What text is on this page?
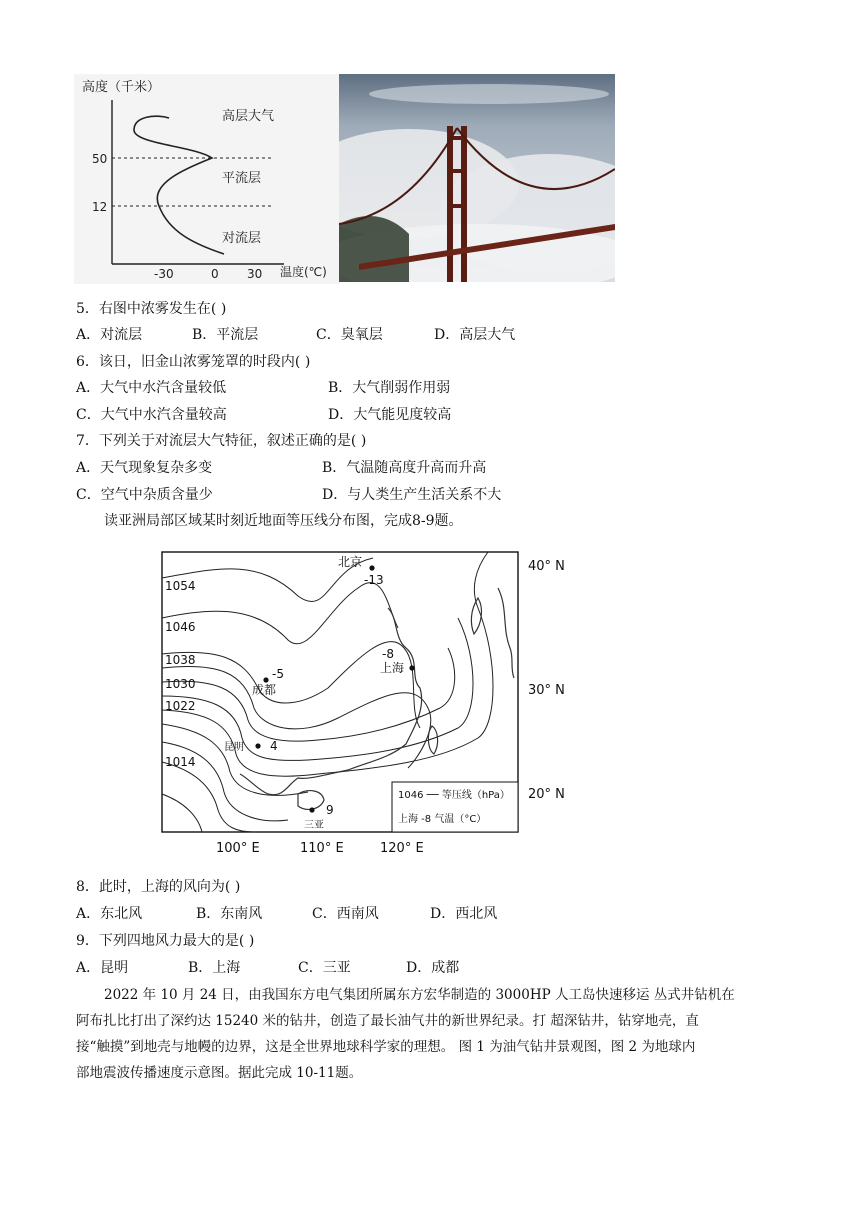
高度（千米）
50
12
高层大气
平流层
对流层
-30	0 30 温度(℃)
5．右图中浓雾发生在( )
A．对流层	B．平流层	C．臭氧层	D．高层大气
6．该日，旧金山浓雾笼罩的时段内( )
A．大气中水汽含量较低	B．大气削弱作用弱
C．大气中水汽含量较高	D．大气能见度较高
7．下列关于对流层大气特征，叙述正确的是( )
A．天气现象复杂多变	B．气温随高度升高而升高
C．空气中杂质含量少	D．与人类生产生活关系不大
读亚洲局部区域某时刻近地面等压线分布图，完成8-9题。
1054
1046
1038
1030
1022
1014
北京
-13
上海
-8
成都
-5
昆明 4
三亚
9
1046 ── 等压线（hPa）
上海 -8 气温（°C）
40° N
30° N
20° N
100° E	110° E	120° E
8．此时，上海的风向为( )
A．东北风	B．东南风	C．西南风	D．西北风
9．下列四地风力最大的是( )
A．昆明	B．上海	C．三亚	D．成都
2022 年 10 月 24 日，由我国东方电气集团所属东方宏华制造的 3000HP 人工岛快速移运 丛式井钻机在
阿布扎比打出了深约达 15240 米的钻井，创造了最长油气井的新世界纪录。打 超深钻井，钻穿地壳，直
接“触摸”到地壳与地幔的边界，这是全世界地球科学家的理想。 图 1 为油气钻井景观图，图 2 为地球内
部地震波传播速度示意图。据此完成 10-11题。
